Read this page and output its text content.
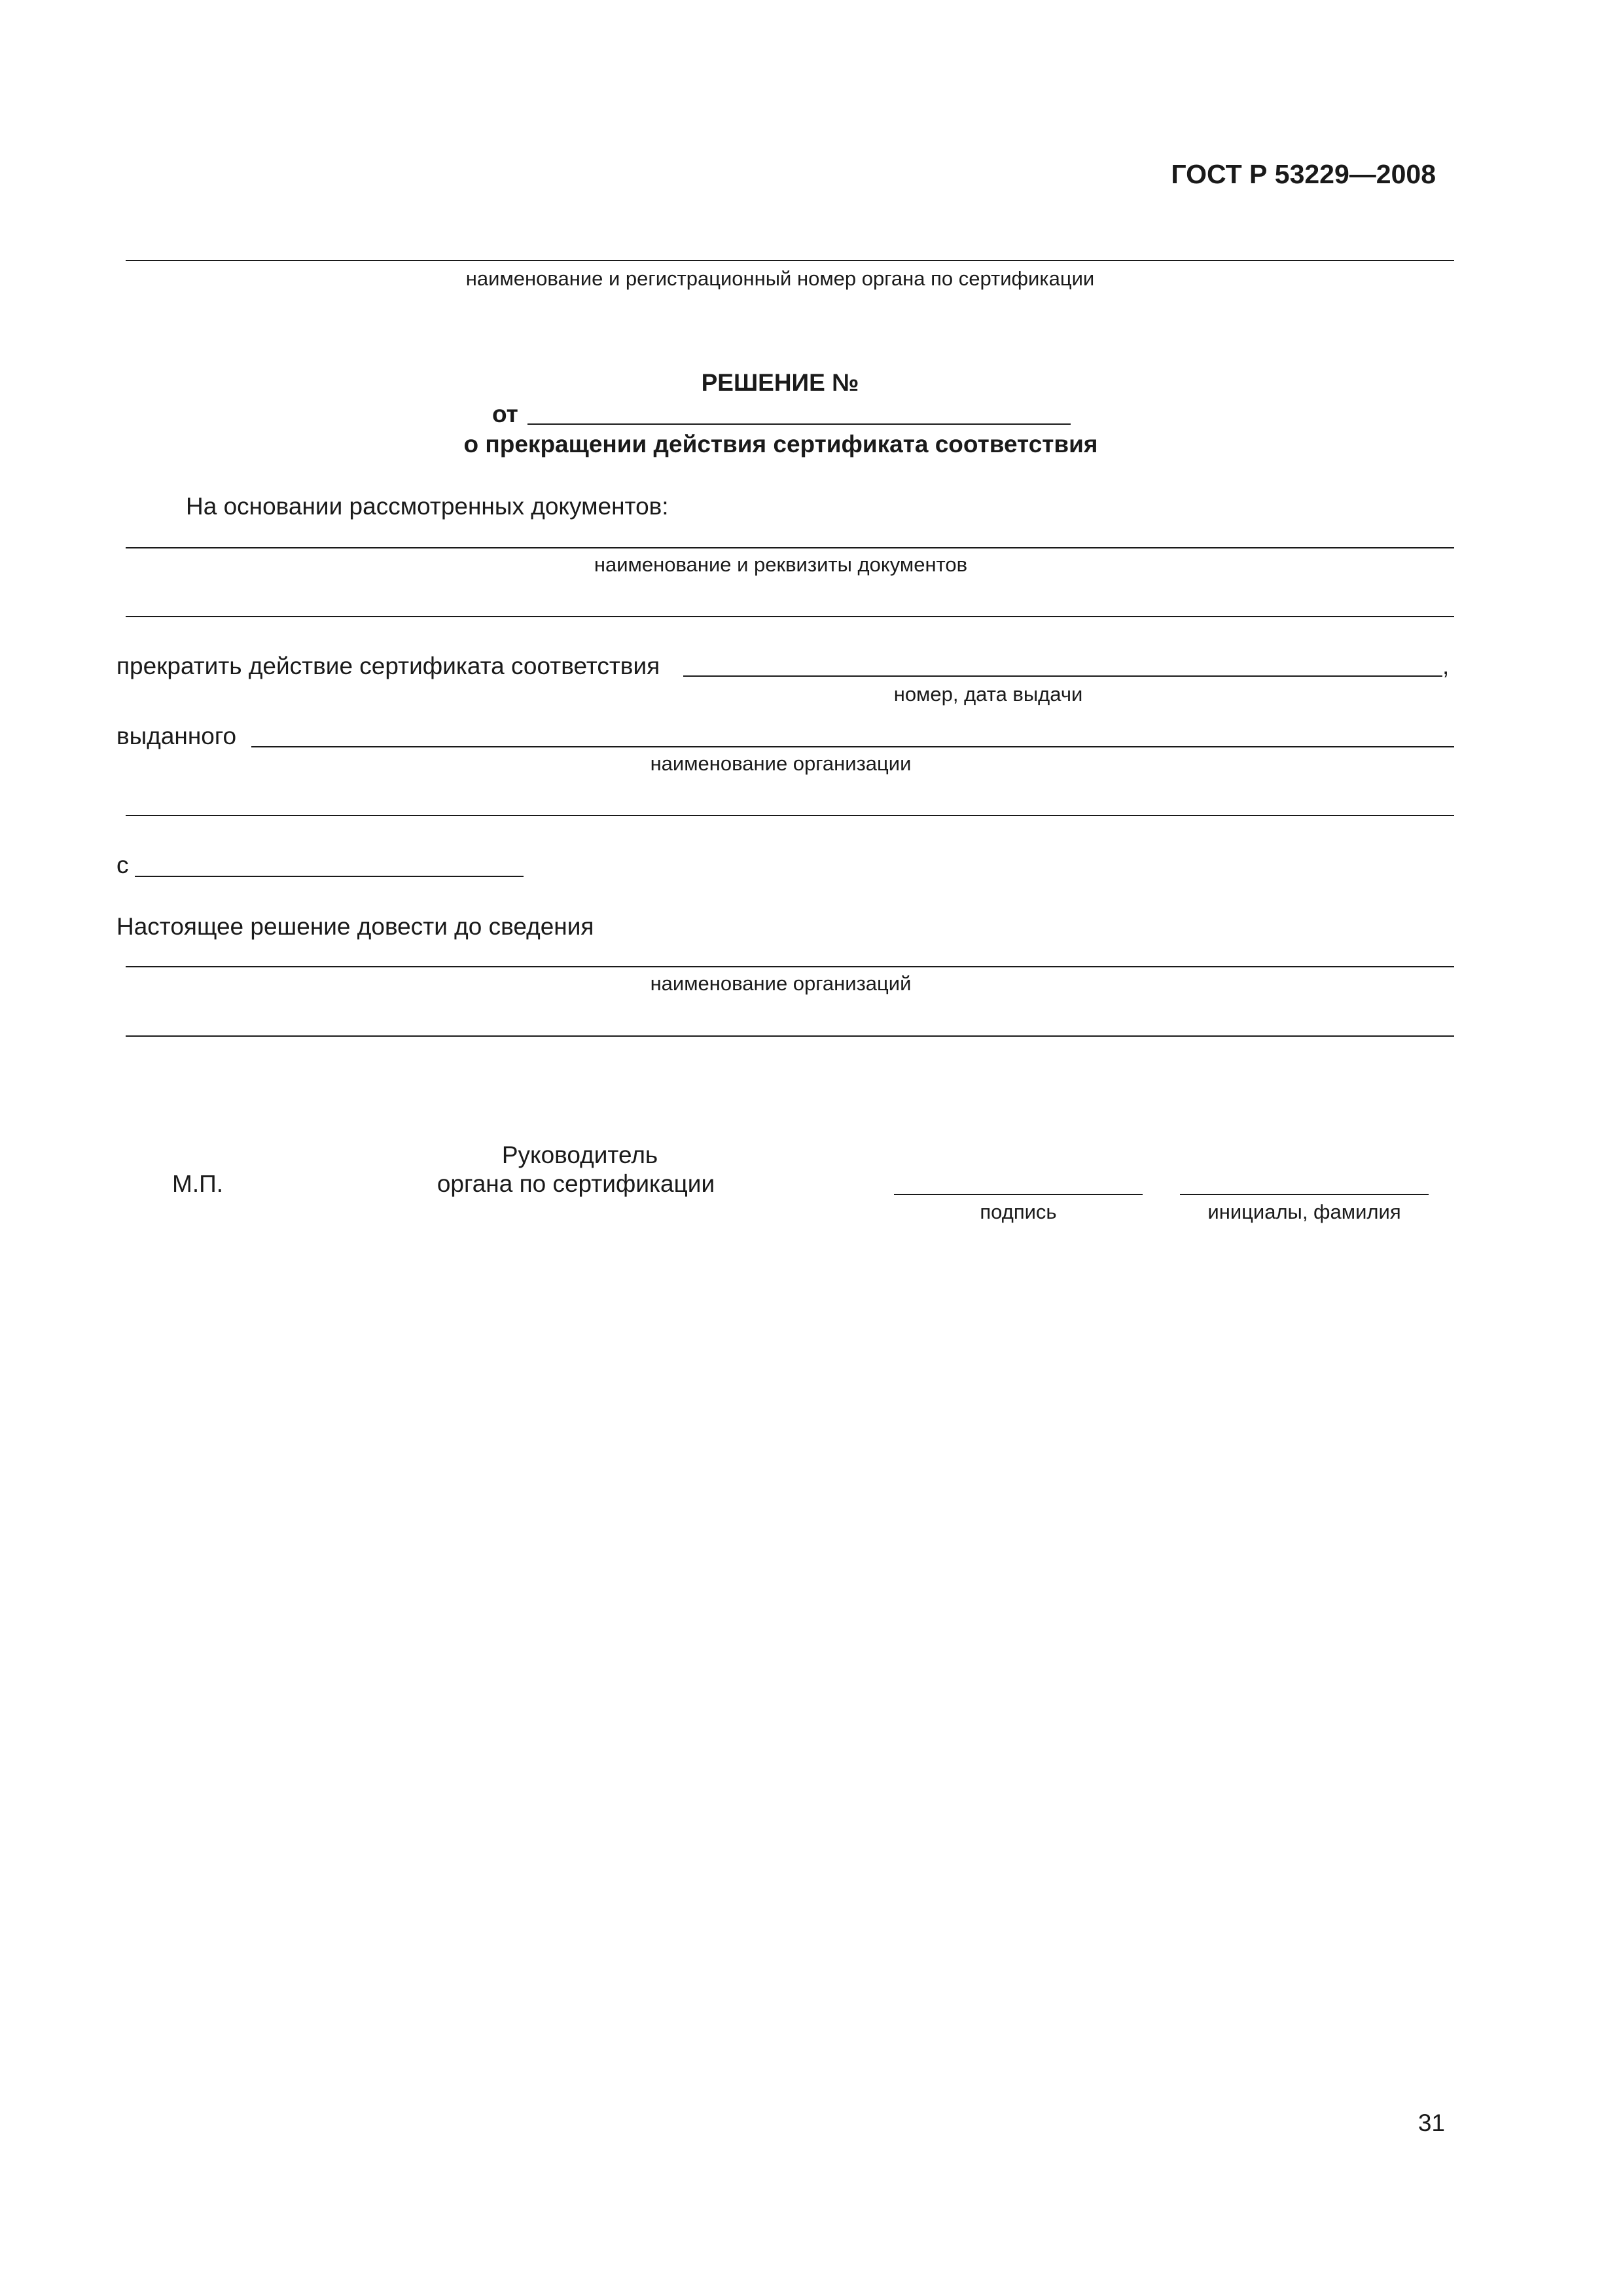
ГОСТ Р 53229—2008
наименование и регистрационный номер органа по сертификации
РЕШЕНИЕ №
от
о прекращении действия сертификата соответствия
На основании рассмотренных документов:
наименование и реквизиты документов
прекратить действие сертификата соответствия	,
номер, дата выдачи
выданного
наименование организации
с
Настоящее решение довести до сведения
наименование организаций
М.П.
Руководитель
органа по сертификации
подпись	инициалы, фамилия
31
